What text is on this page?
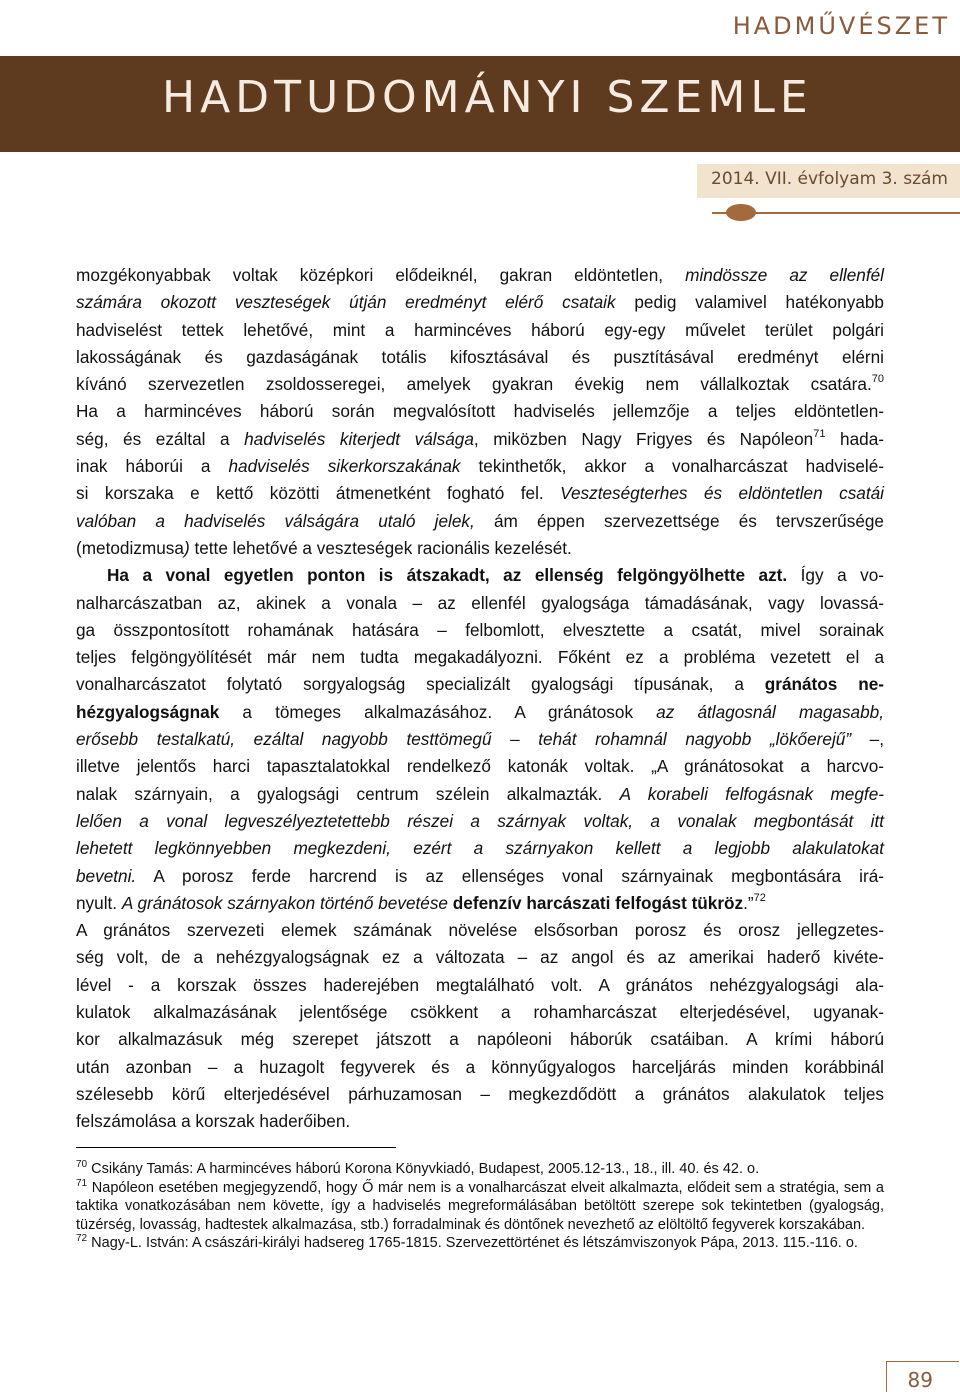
HADMŰVÉSZET
HADTUDOMÁNYI SZEMLE
2014. VII. évfolyam 3. szám
mozgékonyabbak voltak középkori elődeiknél, gakran eldöntetlen, mindössze az ellenfél
számára okozott veszteségek útján eredményt elérő csataik pedig valamivel hatékonyabb
hadviselést tettek lehetővé, mint a harmincéves háború egy-egy művelet terület polgári
lakosságának és gazdaságának totális kifosztásával és pusztításával eredményt elérni
kívánó szervezetlen zsoldosseregei, amelyek gyakran évekig nem vállalkoztak csatára.$^{70}$
Ha a harmincéves háború során megvalósított hadviselés jellemzője a teljes eldöntetlen-
ség, és ezáltal a hadviselés kiterjedt válsága, miközben Nagy Frigyes és Napóleon$^{71}$ hada-
inak háborúi a hadviselés sikerkorszakának tekinthetők, akkor a vonalharcászat hadviselé-
si korszaka e kettő közötti átmenetként fogható fel. Veszteségterhes és eldöntetlen csatái
valóban a hadviselés válságára utaló jelek, ám éppen szervezettsége és tervszerűsége
(metodizmusa) tette lehetővé a veszteségek racionális kezelését.
Ha a vonal egyetlen ponton is átszakadt, az ellenség felgöngyölhette azt. Így a vo-
nalharcászatban az, akinek a vonala – az ellenfél gyalogsága támadásának, vagy lovassá-
ga összpontosított rohamának hatására – felbomlott, elvesztette a csatát, mivel sorainak
teljes felgöngyölítését már nem tudta megakadályozni. Főként ez a probléma vezetett el a
vonalharcászatot folytató sorgyalogság specializált gyalogsági típusának, a gránátos ne-
hézgyalogságnak a tömeges alkalmazásához. A gránátosok az átlagosnál magasabb,
erősebb testalkatú, ezáltal nagyobb testtömegű – tehát rohamnál nagyobb „lökőerejű” –,
illetve jelentős harci tapasztalatokkal rendelkező katonák voltak. „A gránátosokat a harcvo-
nalak szárnyain, a gyalogsági centrum szélein alkalmazták. A korabeli felfogásnak megfe-
lelően a vonal legveszélyeztetettebb részei a szárnyak voltak, a vonalak megbontását itt
lehetett legkönnyebben megkezdeni, ezért a szárnyakon kellett a legjobb alakulatokat
bevetni. A porosz ferde harcrend is az ellenséges vonal szárnyainak megbontására irá-
nyult. A gránátosok szárnyakon történő bevetése defenzív harcászati felfogást tükröz.”$^{72}$
A gránátos szervezeti elemek számának növelése elsősorban porosz és orosz jellegzetes-
ség volt, de a nehézgyalogságnak ez a változata – az angol és az amerikai haderő kivéte-
lével - a korszak összes haderejében megtalálható volt. A gránátos nehézgyalogsági ala-
kulatok alkalmazásának jelentősége csökkent a rohamharcászat elterjedésével, ugyanak-
kor alkalmazásuk még szerepet játszott a napóleoni háborúk csatáiban. A krími háború
után azonban – a huzagolt fegyverek és a könnyűgyalogos harceljárás minden korábbinál
szélesebb körű elterjedésével párhuzamosan – megkezdődött a gránátos alakulatok teljes
felszámolása a korszak haderőiben.

$^{70}$ Csikány Tamás: A harmincéves háború Korona Könyvkiadó, Budapest, 2005.12-13., 18., ill. 40. és 42. o.

$^{71}$ Napóleon esetében megjegyzendő, hogy Ő már nem is a vonalharcászat elveit alkalmazta, elődeit sem a stratégia, sem a taktika vonatkozásában nem követte, így a hadviselés megreformálásában betöltött szerepe sok tekintetben (gyalogság, tüzérség, lovasság, hadtestek alkalmazása, stb.) forradalminak és döntőnek nevezhető az elöltöltő fegyverek korszakában.

$^{72}$ Nagy-L. István: A császári-királyi hadsereg 1765-1815. Szervezettörténet és létszámviszonyok Pápa, 2013. 115.-116. o.

89
